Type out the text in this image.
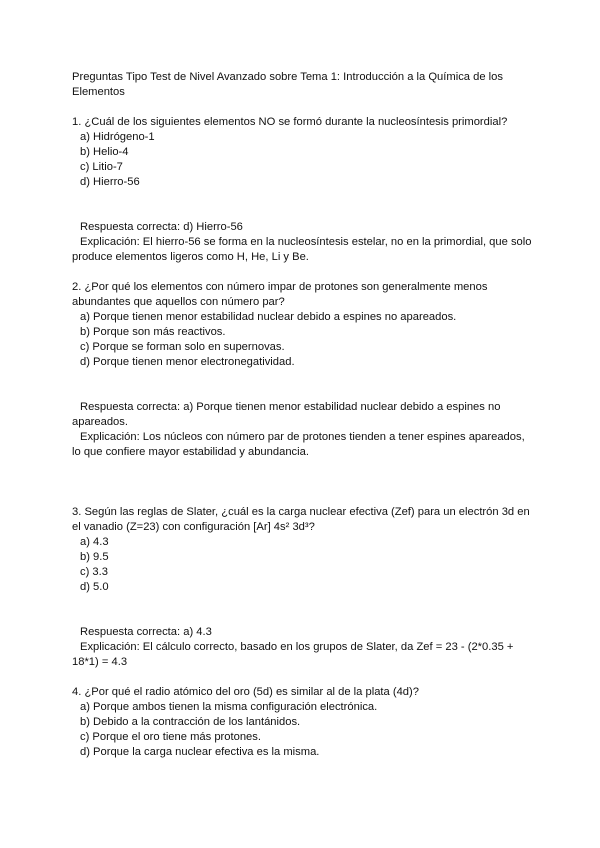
Preguntas Tipo Test de Nivel Avanzado sobre Tema 1: Introducción a la Química de los Elementos

1. ¿Cuál de los siguientes elementos NO se formó durante la nucleosíntesis primordial?

a) Hidrógeno-1

b) Helio-4

c) Litio-7

d) Hierro-56

Respuesta correcta: d) Hierro-56

Explicación: El hierro-56 se forma en la nucleosíntesis estelar, no en la primordial, que solo produce elementos ligeros como H, He, Li y Be.

2. ¿Por qué los elementos con número impar de protones son generalmente menos abundantes que aquellos con número par?

a) Porque tienen menor estabilidad nuclear debido a espines no apareados.

b) Porque son más reactivos.

c) Porque se forman solo en supernovas.

d) Porque tienen menor electronegatividad.

Respuesta correcta: a) Porque tienen menor estabilidad nuclear debido a espines no apareados.

Explicación: Los núcleos con número par de protones tienden a tener espines apareados, lo que confiere mayor estabilidad y abundancia.

3. Según las reglas de Slater, ¿cuál es la carga nuclear efectiva (Zef) para un electrón 3d en el vanadio (Z=23) con configuración [Ar] 4s² 3d³?

a) 4.3

b) 9.5

c) 3.3

d) 5.0

Respuesta correcta: a) 4.3

Explicación: El cálculo correcto, basado en los grupos de Slater, da Zef = 23 - (2*0.35 + 18*1) = 4.3

4. ¿Por qué el radio atómico del oro (5d) es similar al de la plata (4d)?

a) Porque ambos tienen la misma configuración electrónica.

b) Debido a la contracción de los lantánidos.

c) Porque el oro tiene más protones.

d) Porque la carga nuclear efectiva es la misma.
